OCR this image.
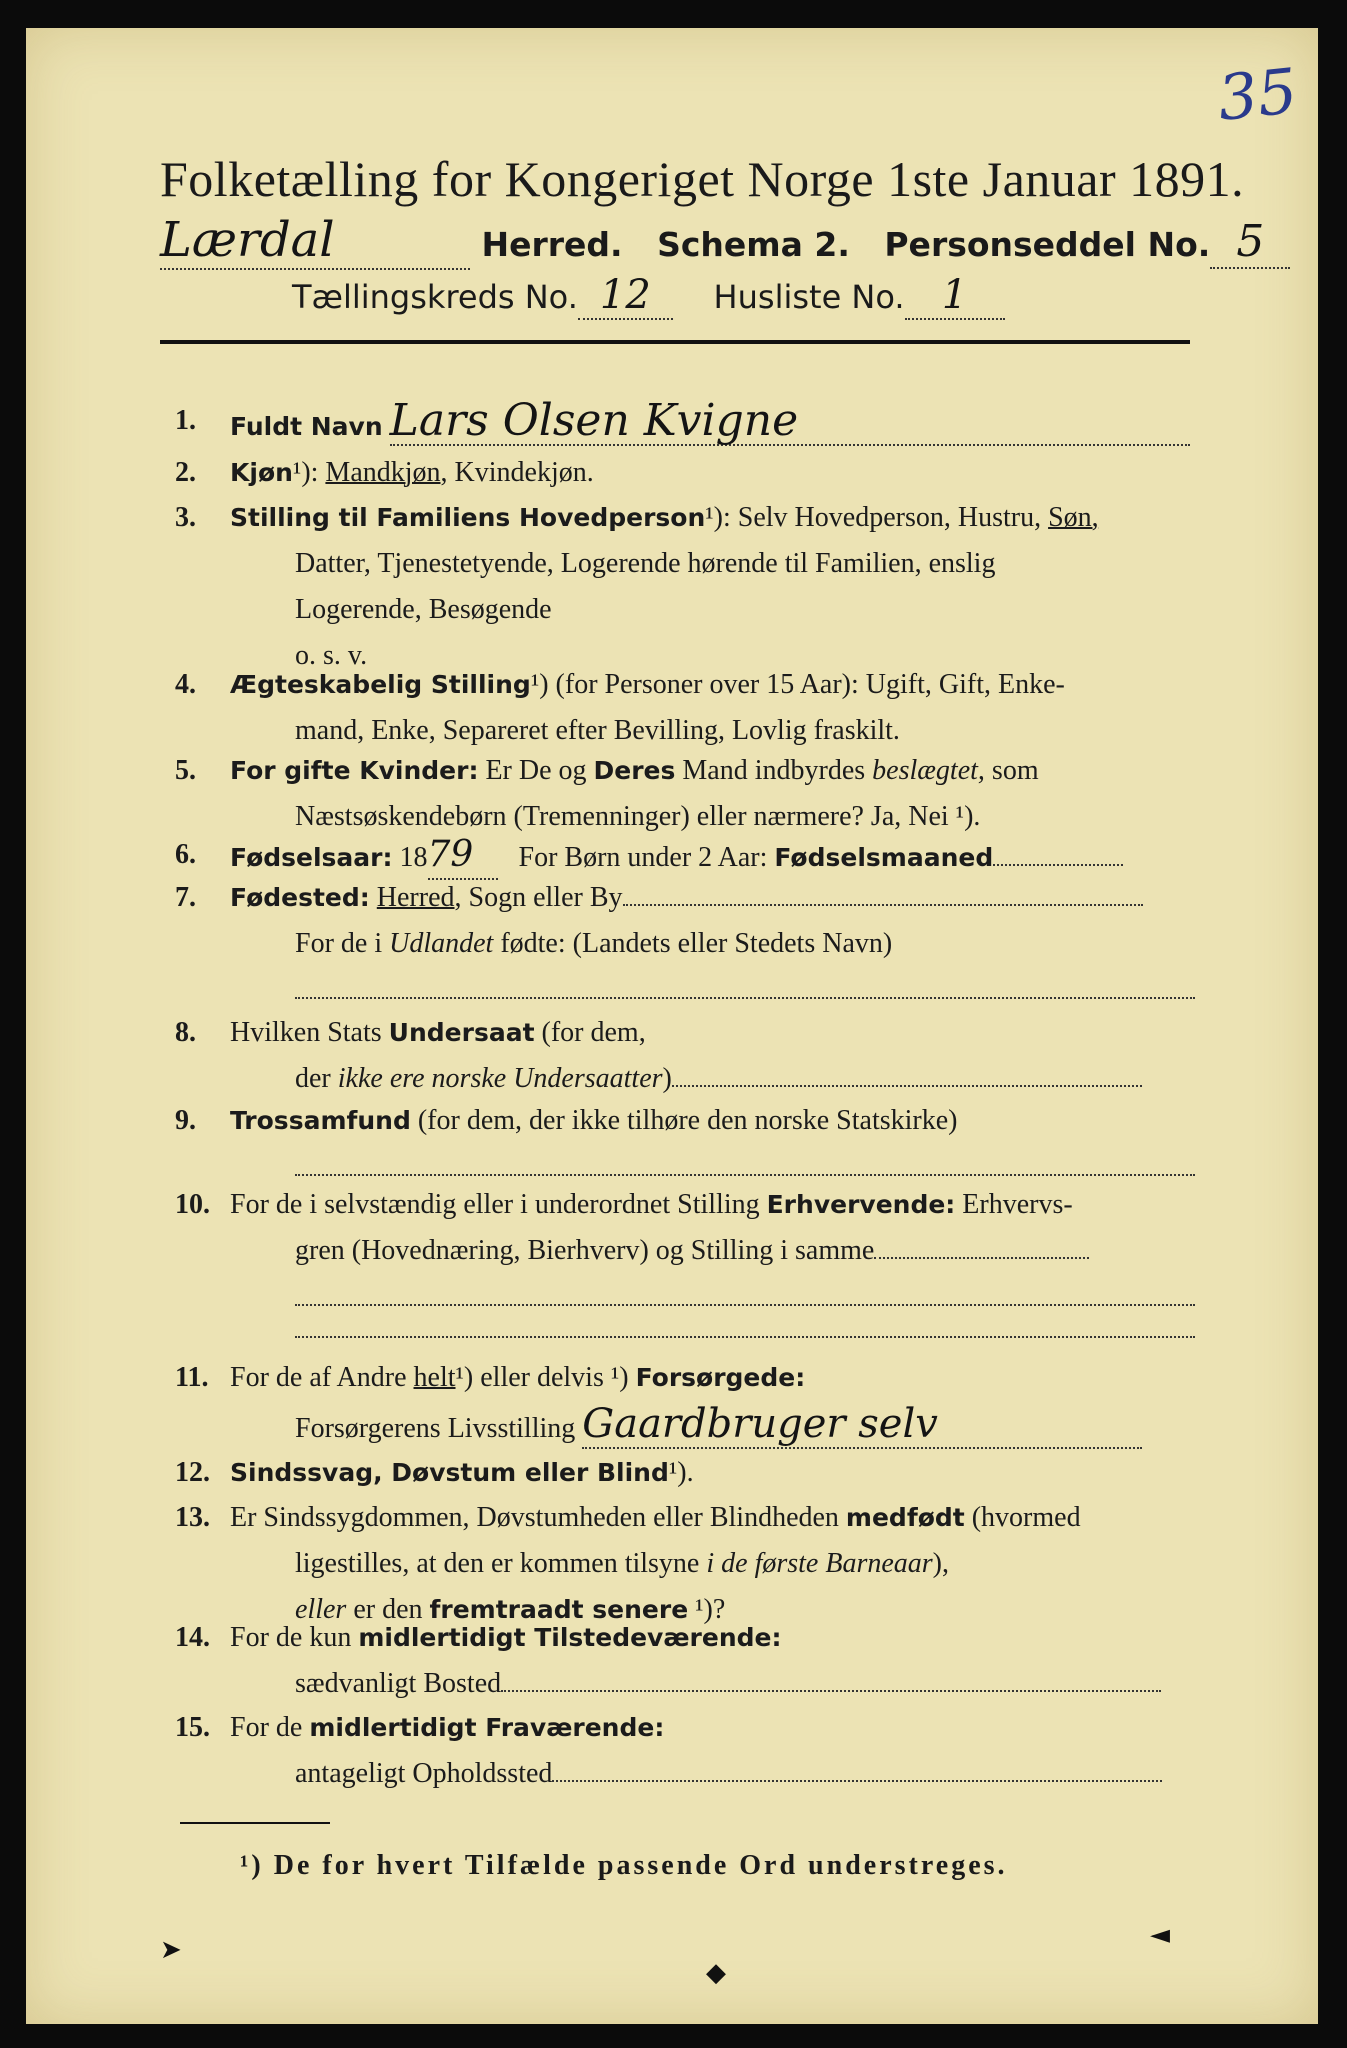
35
Folketælling for Kongeriget Norge 1ste Januar 1891.
Lærdal	Herred. Schema 2. Personseddel No. 5
Tællingskreds No. 12 Husliste No. 1
1.	Fuldt Navn Lars Olsen Kvigne
2.	Kjøn¹): Mandkjøn, Kvindekjøn.
3.	Stilling til Familiens Hovedperson¹): Selv Hovedperson, Hustru, Søn,
Datter, Tjenestetyende, Logerende hørende til Familien, enslig
Logerende, Besøgende
o. s. v.
4.	Ægteskabelig Stilling¹) (for Personer over 15 Aar): Ugift, Gift, Enke-
mand, Enke, Separeret efter Bevilling, Lovlig fraskilt.
5.	For gifte Kvinder: Er De og Deres Mand indbyrdes beslægtet, som
Næstsøskendebørn (Tremenninger) eller nærmere? Ja, Nei ¹).
6.	Fødselsaar: 1879 For Børn under 2 Aar: Fødselsmaaned
7.	Fødested: Herred, Sogn eller By
For de i Udlandet fødte: (Landets eller Stedets Navn)
8.	Hvilken Stats Undersaat (for dem,
der ikke ere norske Undersaatter)
9.	Trossamfund (for dem, der ikke tilhøre den norske Statskirke)
10. For de i selvstændig eller i underordnet Stilling Erhvervende: Erhvervs-
gren (Hovednæring, Bierhverv) og Stilling i samme
11. For de af Andre helt¹) eller delvis ¹) Forsørgede:
Forsørgerens Livsstilling Gaardbruger selv
12. Sindssvag, Døvstum eller Blind¹).
13. Er Sindssygdommen, Døvstumheden eller Blindheden medfødt (hvormed
ligestilles, at den er kommen tilsyne i de første Barneaar),
eller er den fremtraadt senere ¹)?
14. For de kun midlertidigt Tilstedeværende:
sædvanligt Bosted
15. For de midlertidigt Fraværende:
antageligt Opholdssted
¹) De for hvert Tilfælde passende Ord understreges.
➤
◆
◄
